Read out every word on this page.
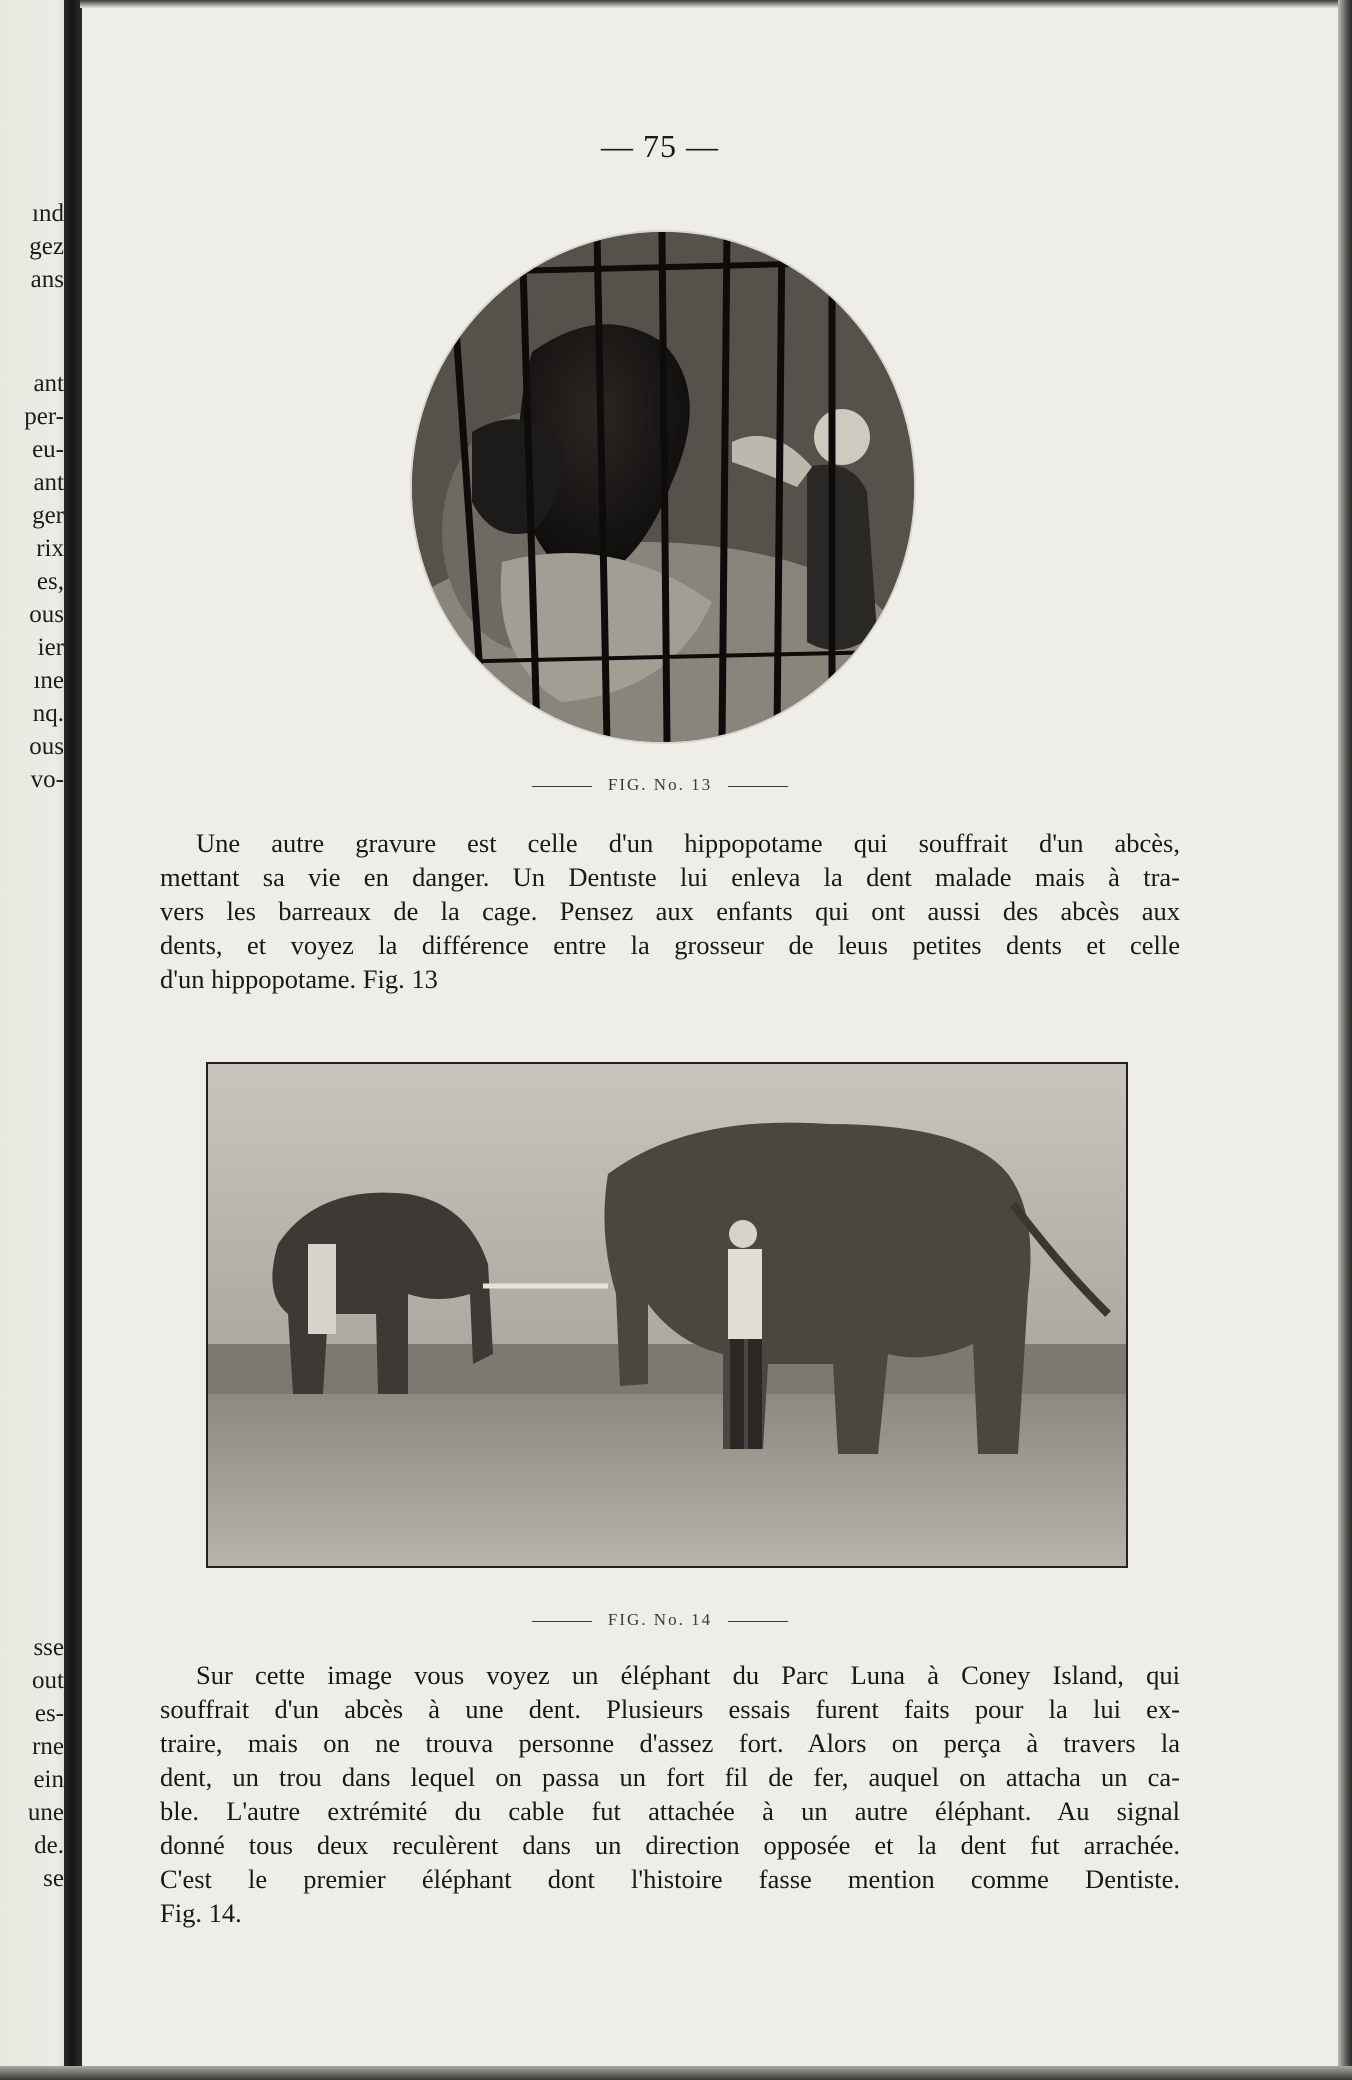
ınd
gez
ans
ant
per-
eu-
ant
ger
rix
es,
ous
ier
ıne
nq.
ous
vo-
sse
out
es-
rne
ein
une
de.
se
— 75 —
FIG. No. 13
Une autre gravure est celle d'un hippopotame qui souffrait d'un abcès,
mettant sa vie en danger. Un Dentıste lui enleva la dent malade mais à tra-
vers les barreaux de la cage. Pensez aux enfants qui ont aussi des abcès aux
dents, et voyez la différence entre la grosseur de leuıs petites dents et celle
d'un hippopotame. Fig. 13
FIG. No. 14
Sur cette image vous voyez un éléphant du Parc Luna à Coney Island, qui
souffrait d'un abcès à une dent. Plusieurs essais furent faits pour la lui ex-
traire, mais on ne trouva personne d'assez fort. Alors on perça à travers la
dent, un trou dans lequel on passa un fort fil de fer, auquel on attacha un ca-
ble. L'autre extrémité du cable fut attachée à un autre éléphant. Au signal
donné tous deux reculèrent dans un direction opposée et la dent fut arrachée.
C'est le premier éléphant dont l'histoire fasse mention comme Dentiste.
Fig. 14.
